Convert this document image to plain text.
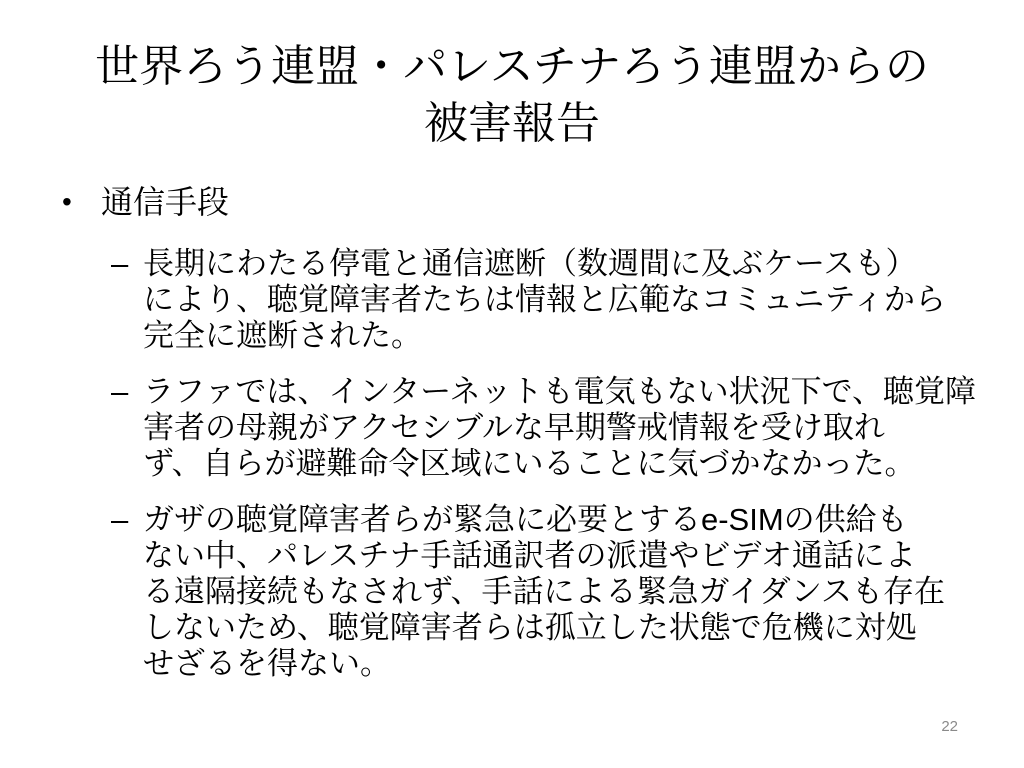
世界ろう連盟・パレスチナろう連盟からの
被害報告
• 通信手段
– 長期にわたる停電と通信遮断（数週間に及ぶケースも）
により、聴覚障害者たちは情報と広範なコミュニティから
完全に遮断された。
– ラファでは、インターネットも電気もない状況下で、聴覚障
害者の母親がアクセシブルな早期警戒情報を受け取れ
ず、自らが避難命令区域にいることに気づかなかった。
– ガザの聴覚障害者らが緊急に必要とするe-SIMの供給も
ない中、パレスチナ手話通訳者の派遣やビデオ通話によ
る遠隔接続もなされず、手話による緊急ガイダンスも存在
しないため、聴覚障害者らは孤立した状態で危機に対処
せざるを得ない。
22
